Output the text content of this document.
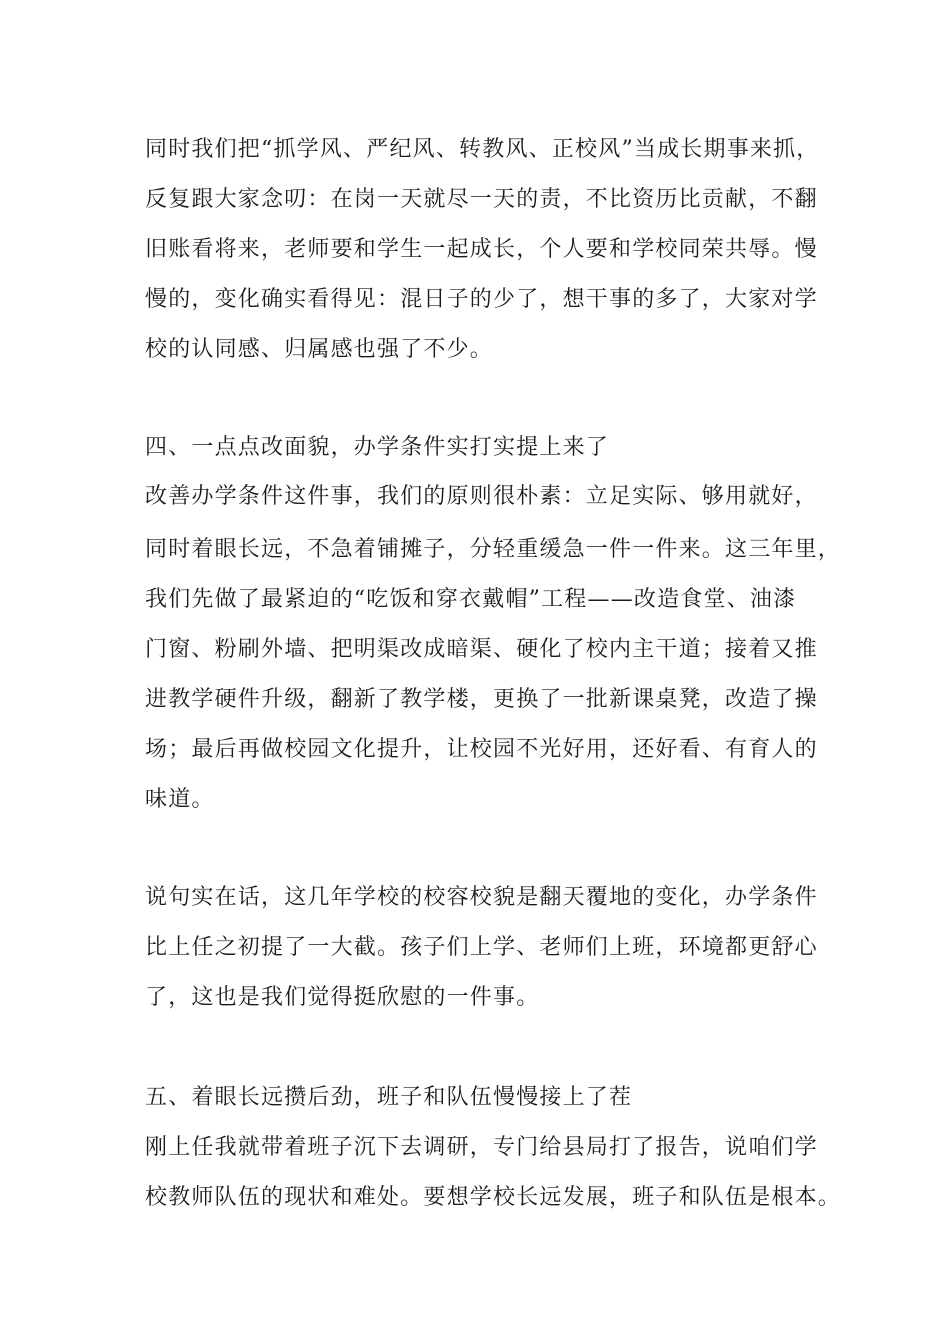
同时我们把“抓学风、严纪风、转教风、正校风”当成长期事来抓，
反复跟大家念叨：在岗一天就尽一天的责，不比资历比贡献，不翻
旧账看将来，老师要和学生一起成长，个人要和学校同荣共辱。慢
慢的，变化确实看得见：混日子的少了，想干事的多了，大家对学
校的认同感、归属感也强了不少。
四、一点点改面貌，办学条件实打实提上来了
改善办学条件这件事，我们的原则很朴素：立足实际、够用就好，
同时着眼长远，不急着铺摊子，分轻重缓急一件一件来。这三年里，
我们先做了最紧迫的“吃饭和穿衣戴帽”工程——改造食堂、油漆
门窗、粉刷外墙、把明渠改成暗渠、硬化了校内主干道；接着又推
进教学硬件升级，翻新了教学楼，更换了一批新课桌凳，改造了操
场；最后再做校园文化提升，让校园不光好用，还好看、有育人的
味道。
说句实在话，这几年学校的校容校貌是翻天覆地的变化，办学条件
比上任之初提了一大截。孩子们上学、老师们上班，环境都更舒心
了，这也是我们觉得挺欣慰的一件事。
五、着眼长远攒后劲，班子和队伍慢慢接上了茬
刚上任我就带着班子沉下去调研，专门给县局打了报告，说咱们学
校教师队伍的现状和难处。要想学校长远发展，班子和队伍是根本。
